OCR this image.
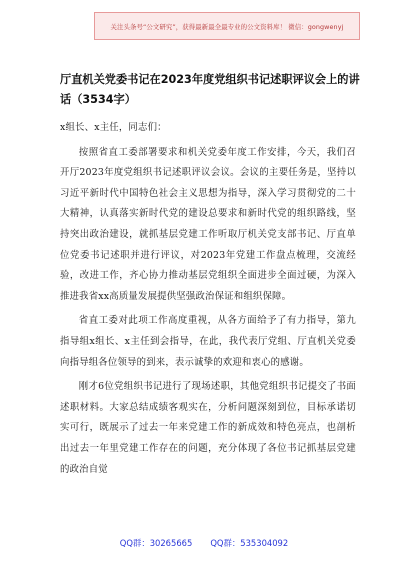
关注头条号“公文研究”，获得最新最全最专业的公文资料库！ 微信：gongwenyj
厅直机关党委书记在2023年度党组织书记述职评议会上的讲话（3534字）

x组长、x主任，同志们：

按照省直工委部署要求和机关党委年度工作安排，今天，我们召开厅2023年度党组织书记述职评议会议。会议的主要任务是，坚持以习近平新时代中国特色社会主义思想为指导，深入学习贯彻党的二十大精神，认真落实新时代党的建设总要求和新时代党的组织路线，坚持突出政治建设，就抓基层党建工作听取厅机关党支部书记、厅直单位党委书记述职并进行评议，对2023年党建工作盘点梳理，交流经验，改进工作，齐心协力推动基层党组织全面进步全面过硬，为深入推进我省xx高质量发展提供坚强政治保证和组织保障。

省直工委对此项工作高度重视，从各方面给予了有力指导，第九指导组x组长、x主任到会指导，在此，我代表厅党组、厅直机关党委向指导组各位领导的到来，表示诚挚的欢迎和衷心的感谢。

刚才6位党组织书记进行了现场述职，其他党组织书记提交了书面述职材料。大家总结成绩客观实在，分析问题深刻到位，目标承诺切实可行，既展示了过去一年来党建工作的新成效和特色亮点，也剖析出过去一年里党建工作存在的问题，充分体现了各位书记抓基层党建的政治自觉

QQ群：30265665 QQ群：535304092
